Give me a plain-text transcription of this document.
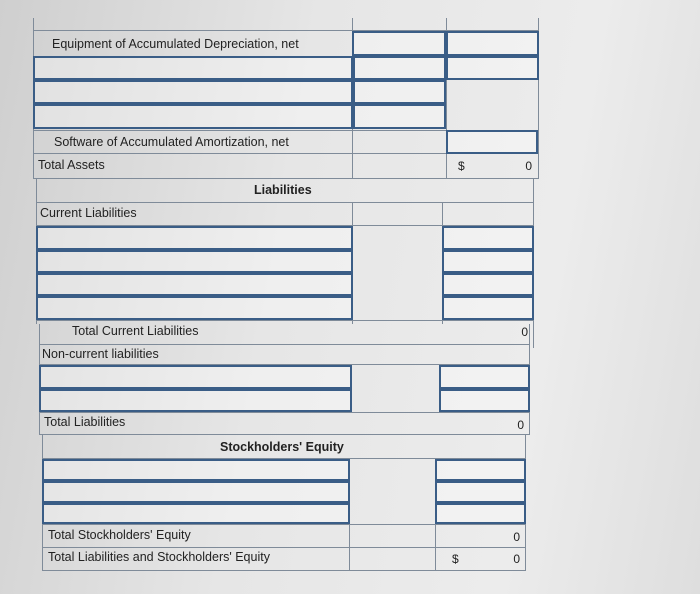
Equipment of Accumulated Depreciation, net
Software of Accumulated Amortization, net
Total Assets	$	0
Liabilities
Current Liabilities
Total Current Liabilities	0
Non-current liabilities
Total Liabilities	0
Stockholders' Equity
Total Stockholders' Equity	0
Total Liabilities and Stockholders' Equity	$	0
